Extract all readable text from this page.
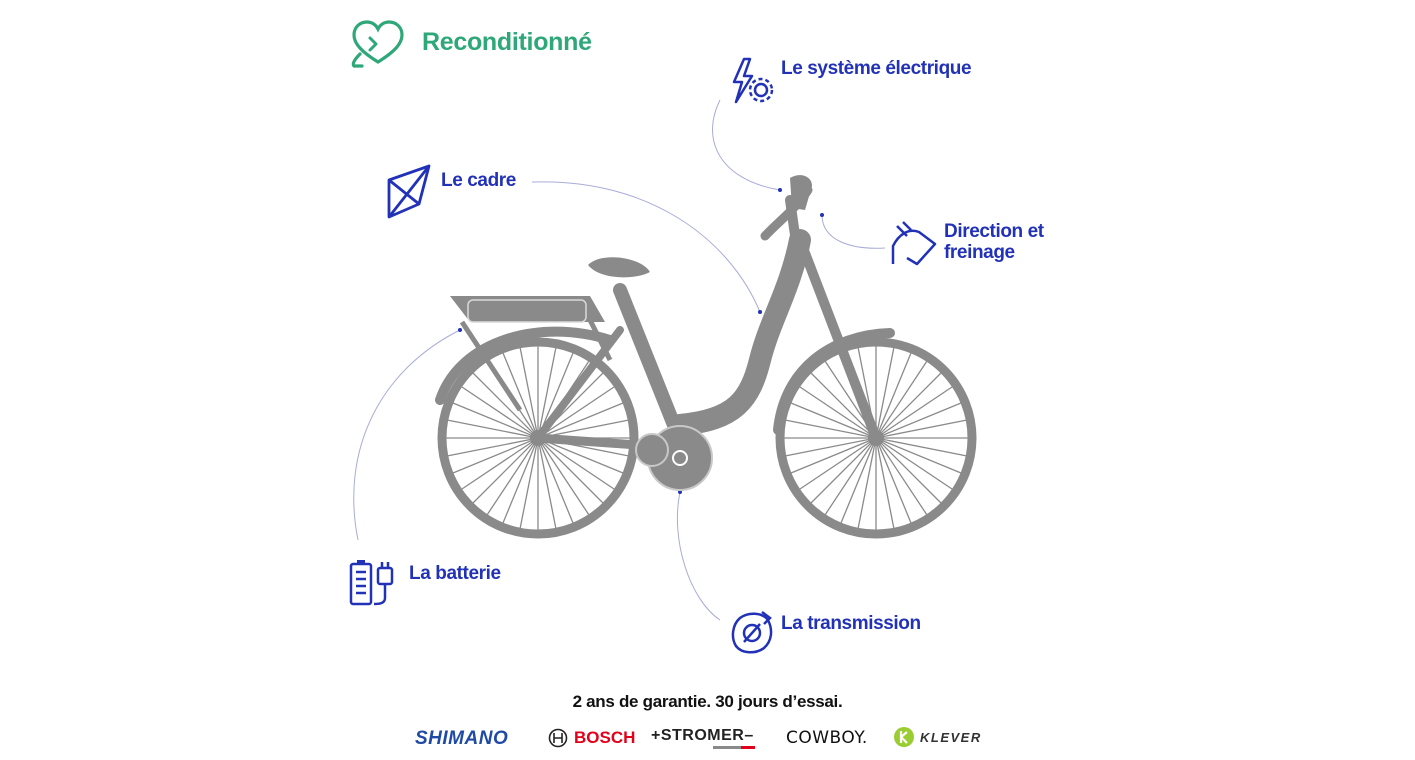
Reconditionné
Le système électrique
Le cadre
Direction et
freinage
La batterie
La transmission
2 ans de garantie. 30 jours d’essai.
SHIMANO	BOSCH +STROMER– COWBOY.	KLEVER
